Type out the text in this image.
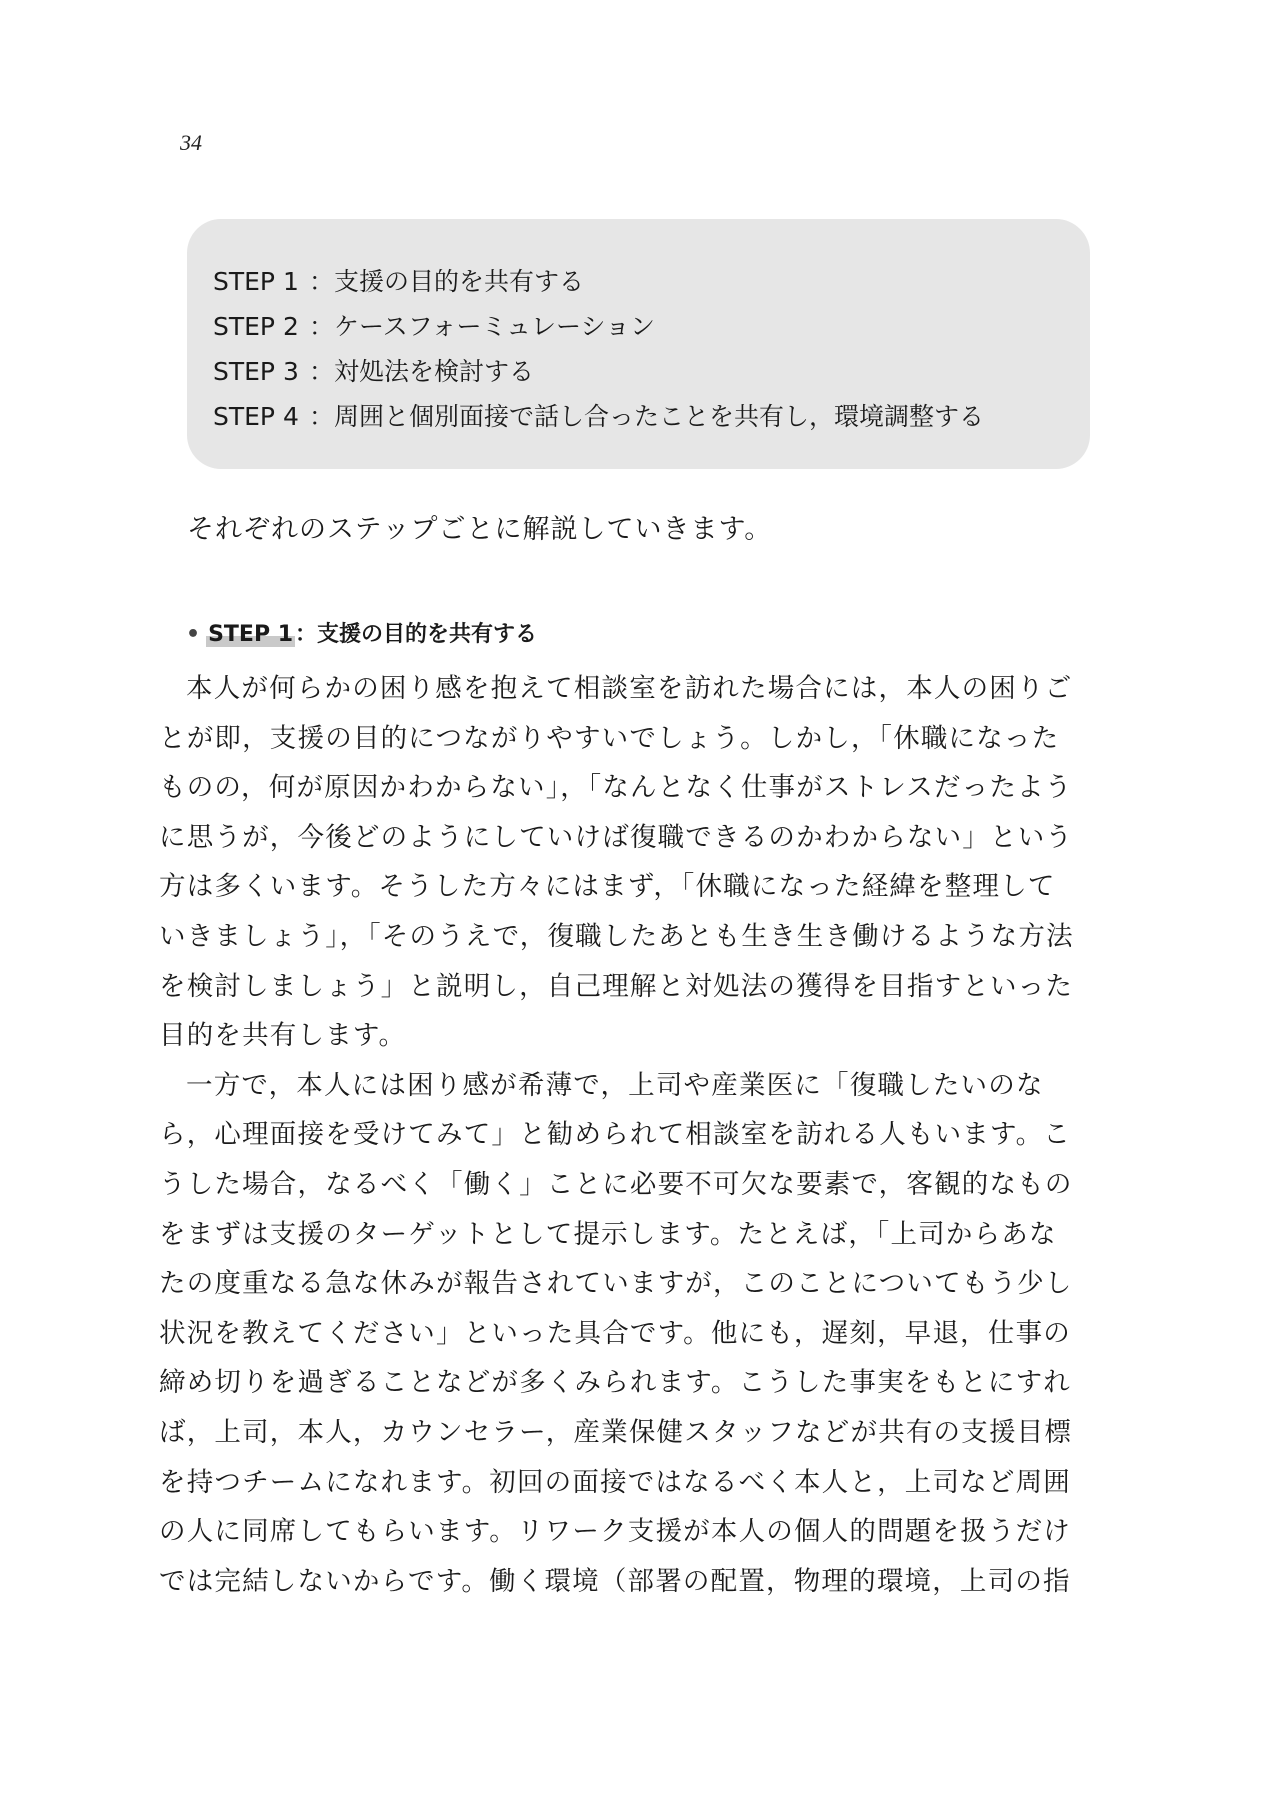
34
STEP 1 ：支援の目的を共有する
STEP 2 ：ケースフォーミュレーション
STEP 3 ：対処法を検討する
STEP 4 ：周囲と個別面接で話し合ったことを共有し，環境調整する
それぞれのステップごとに解説していきます。
• STEP 1：支援の目的を共有する
本人が何らかの困り感を抱えて相談室を訪れた場合には，本人の困りご
とが即，支援の目的につながりやすいでしょう。しかし，「休職になった
ものの，何が原因かわからない」，「なんとなく仕事がストレスだったよう
に思うが，今後どのようにしていけば復職できるのかわからない」という
方は多くいます。そうした方々にはまず，「休職になった経緯を整理して
いきましょう」，「そのうえで，復職したあとも生き生き働けるような方法
を検討しましょう」と説明し，自己理解と対処法の獲得を目指すといった
目的を共有します。
一方で，本人には困り感が希薄で，上司や産業医に「復職したいのな
ら，心理面接を受けてみて」と勧められて相談室を訪れる人もいます。こ
うした場合，なるべく「働く」ことに必要不可欠な要素で，客観的なもの
をまずは支援のターゲットとして提示します。たとえば，「上司からあな
たの度重なる急な休みが報告されていますが，このことについてもう少し
状況を教えてください」といった具合です。他にも，遅刻，早退，仕事の
締め切りを過ぎることなどが多くみられます。こうした事実をもとにすれ
ば，上司，本人，カウンセラー，産業保健スタッフなどが共有の支援目標
を持つチームになれます。初回の面接ではなるべく本人と，上司など周囲
の人に同席してもらいます。リワーク支援が本人の個人的問題を扱うだけ
では完結しないからです。働く環境（部署の配置，物理的環境，上司の指
